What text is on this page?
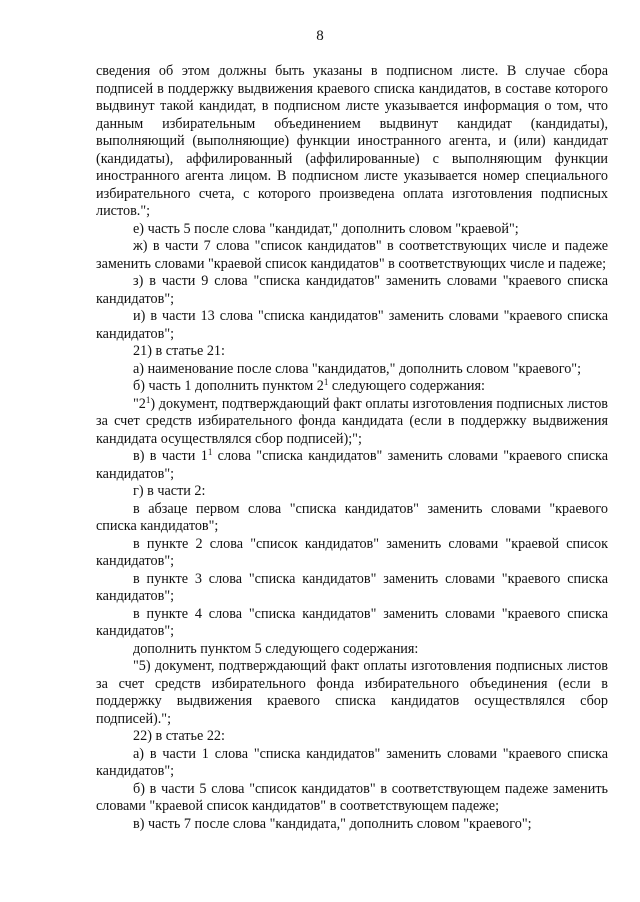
8

сведения об этом должны быть указаны в подписном листе. В случае сбора подписей в поддержку выдвижения краевого списка кандидатов, в составе которого выдвинут такой кандидат, в подписном листе указывается информация о том, что данным избирательным объединением выдвинут кандидат (кандидаты), выполняющий (выполняющие) функции иностранного агента, и (или) кандидат (кандидаты), аффилированный (аффилированные) с выполняющим функции иностранного агента лицом. В подписном листе указывается номер специального избирательного счета, с которого произведена оплата изготовления подписных листов.";

е) часть 5 после слова "кандидат," дополнить словом "краевой";

ж) в части 7 слова "список кандидатов" в соответствующих числе и падеже заменить словами "краевой список кандидатов" в соответствующих числе и падеже;

з) в части 9 слова "списка кандидатов" заменить словами "краевого списка кандидатов";

и) в части 13 слова "списка кандидатов" заменить словами "краевого списка кандидатов";

21) в статье 21:

а) наименование после слова "кандидатов," дополнить словом "краевого";

б) часть 1 дополнить пунктом $2^1$ следующего содержания:

"$2^1$) документ, подтверждающий факт оплаты изготовления подписных листов за счет средств избирательного фонда кандидата (если в поддержку выдвижения кандидата осуществлялся сбор подписей);";

в) в части $1^1$ слова "списка кандидатов" заменить словами "краевого списка кандидатов";

г) в части 2:

в абзаце первом слова "списка кандидатов" заменить словами "краевого списка кандидатов";

в пункте 2 слова "список кандидатов" заменить словами "краевой список кандидатов";

в пункте 3 слова "списка кандидатов" заменить словами "краевого списка кандидатов";

в пункте 4 слова "списка кандидатов" заменить словами "краевого списка кандидатов";

дополнить пунктом 5 следующего содержания:

"5) документ, подтверждающий факт оплаты изготовления подписных листов за счет средств избирательного фонда избирательного объединения (если в поддержку выдвижения краевого списка кандидатов осуществлялся сбор подписей).";

22) в статье 22:

а) в части 1 слова "списка кандидатов" заменить словами "краевого списка кандидатов";

б) в части 5 слова "список кандидатов" в соответствующем падеже заменить словами "краевой список кандидатов" в соответствующем падеже;

в) часть 7 после слова "кандидата," дополнить словом "краевого";
